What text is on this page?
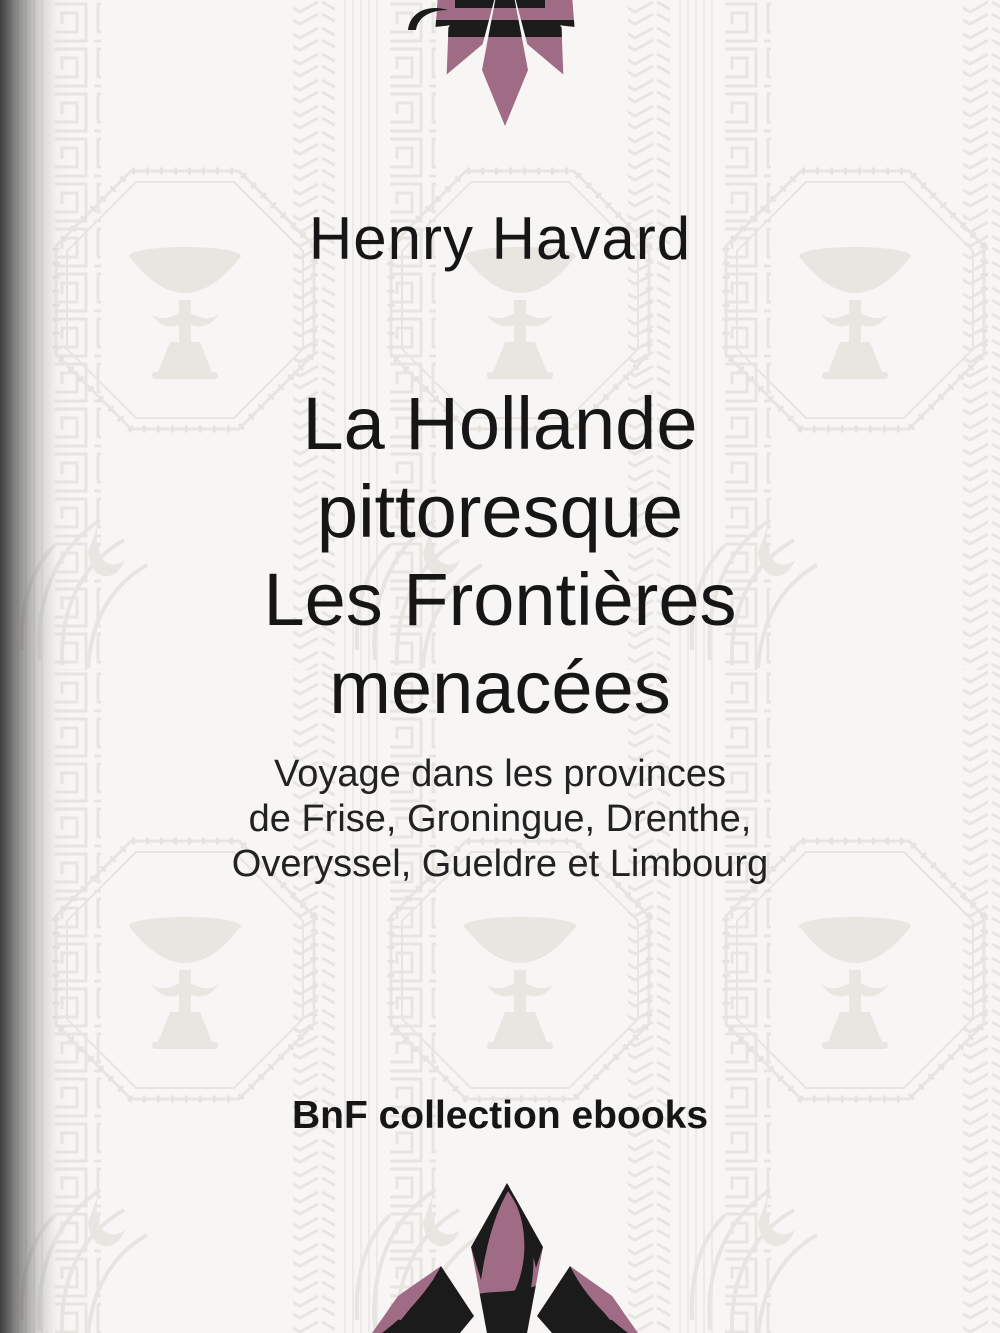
Henry Havard
La Hollande
pittoresque
Les Frontières
menacées
Voyage dans les provinces
de Frise, Groningue, Drenthe,
Overyssel, Gueldre et Limbourg
BnF collection ebooks
